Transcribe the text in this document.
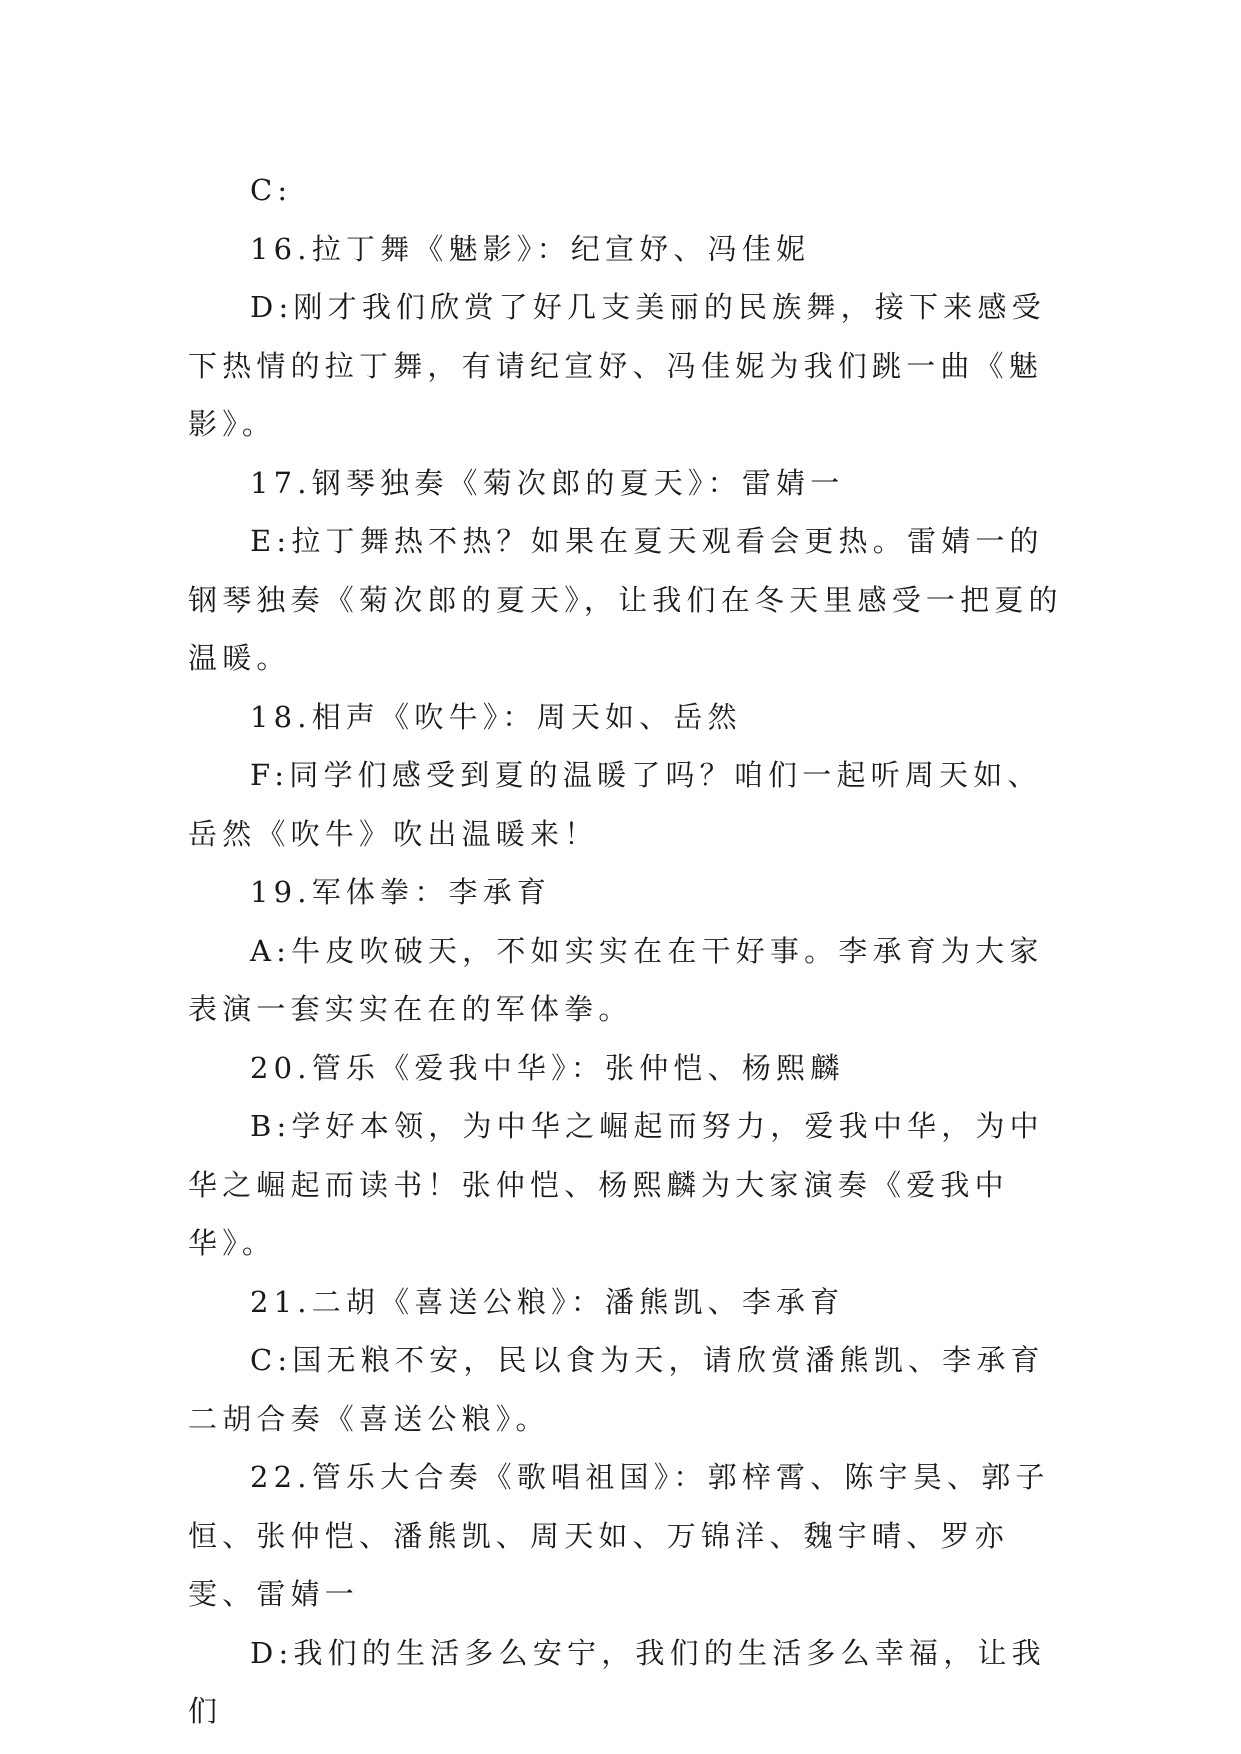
C:

16.拉丁舞《魅影》：纪宣妤、冯佳妮

D:刚才我们欣赏了好几支美丽的民族舞，接下来感受下热情的拉丁舞，有请纪宣妤、冯佳妮为我们跳一曲《魅影》。

17.钢琴独奏《菊次郎的夏天》：雷婧一

E:拉丁舞热不热？如果在夏天观看会更热。雷婧一的钢琴独奏《菊次郎的夏天》，让我们在冬天里感受一把夏的温暖。

18.相声《吹牛》：周天如、岳然

F:同学们感受到夏的温暖了吗？咱们一起听周天如、岳然《吹牛》吹出温暖来！

19.军体拳：李承育

A:牛皮吹破天，不如实实在在干好事。李承育为大家表演一套实实在在的军体拳。

20.管乐《爱我中华》：张仲恺、杨熙麟

B:学好本领，为中华之崛起而努力，爱我中华，为中华之崛起而读书！张仲恺、杨熙麟为大家演奏《爱我中华》。

21.二胡《喜送公粮》：潘熊凯、李承育

C:国无粮不安，民以食为天，请欣赏潘熊凯、李承育二胡合奏《喜送公粮》。

22.管乐大合奏《歌唱祖国》：郭梓霄、陈宇昊、郭子恒、张仲恺、潘熊凯、周天如、万锦洋、魏宇晴、罗亦雯、雷婧一

D:我们的生活多么安宁，我们的生活多么幸福，让我们
